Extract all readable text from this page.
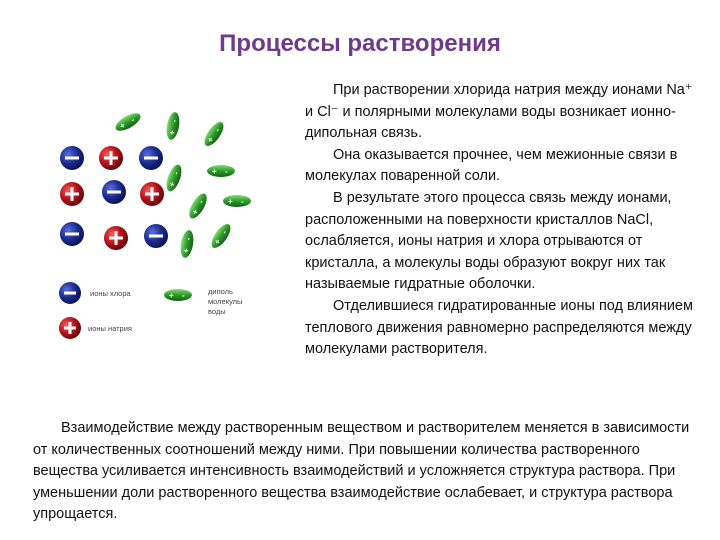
Процессы растворения
+
-
+
-
+
-
+ -
+
-
+
-	+ -
+
- +
-
ионы хлора	+ -	диполь
молекулы
воды
ионы натрия

При растворении хлорида натрия между ионами Na⁺ и Cl⁻ и полярными молекулами воды возникает ионно-дипольная связь.

Она оказывается прочнее, чем межионные связи в молекулах поваренной соли.

В результате этого процесса связь между ионами, расположенными на поверхности кристаллов NaCl, ослабляется, ионы натрия и хлора отрываются от кристалла, а молекулы воды образуют вокруг них так называемые гидратные оболочки.

Отделившиеся гидратированные ионы под влиянием теплового движения равномерно распределяются между молекулами растворителя.

Взаимодействие между растворенным веществом и растворителем меняется в зависимости от количественных соотношений между ними. При повышении количества растворенного вещества усиливается интенсивность взаимодействий и усложняется структура раствора. При уменьшении доли растворенного вещества взаимодействие ослабевает, и структура раствора упрощается.
